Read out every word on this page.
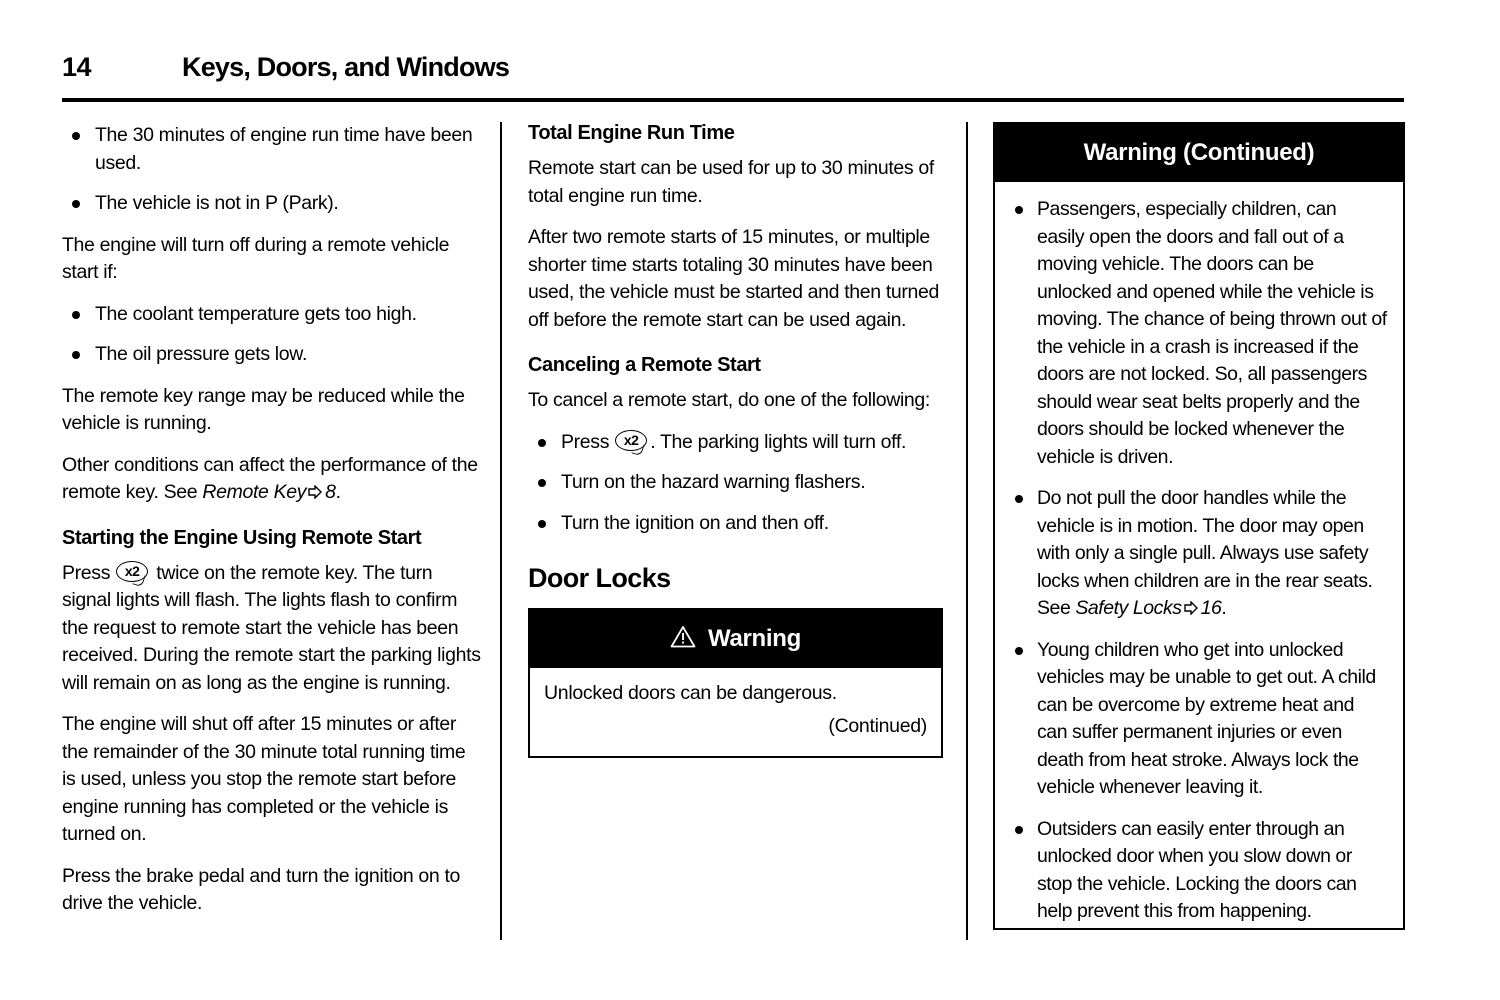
14	Keys, Doors, and Windows
The 30 minutes of engine run time have been used.
The vehicle is not in P (Park).

The engine will turn off during a remote vehicle start if:

The coolant temperature gets too high.
The oil pressure gets low.

The remote key range may be reduced while the vehicle is running.

Other conditions can affect the performance of the remote key. See Remote Key 8.

Starting the Engine Using Remote Start

Press	x2 twice on the remote key. The turn signal lights will flash. The lights flash to confirm the request to remote start the vehicle has been received. During the remote start the parking lights will remain on as long as the engine is running.

The engine will shut off after 15 minutes or after the remainder of the 30 minute total running time is used, unless you stop the remote start before engine running has completed or the vehicle is turned on.

Press the brake pedal and turn the ignition on to drive the vehicle.

Total Engine Run Time

Remote start can be used for up to 30 minutes of total engine run time.

After two remote starts of 15 minutes, or multiple shorter time starts totaling 30 minutes have been used, the vehicle must be started and then turned off before the remote start can be used again.

Canceling a Remote Start

To cancel a remote start, do one of the following:

Press	x2 . The parking lights will turn off.
Turn on the hazard warning flashers.
Turn the ignition on and then off.
Door Locks
Warning

Unlocked doors can be dangerous.

(Continued)

Warning (Continued)
Passengers, especially children, can easily open the doors and fall out of a moving vehicle. The doors can be unlocked and opened while the vehicle is moving. The chance of being thrown out of the vehicle in a crash is increased if the doors are not locked. So, all passengers should wear seat belts properly and the doors should be locked whenever the vehicle is driven.
Do not pull the door handles while the vehicle is in motion. The door may open with only a single pull. Always use safety locks when children are in the rear seats. See Safety Locks 16.
Young children who get into unlocked vehicles may be unable to get out. A child can be overcome by extreme heat and can suffer permanent injuries or even death from heat stroke. Always lock the vehicle whenever leaving it.
Outsiders can easily enter through an unlocked door when you slow down or stop the vehicle. Locking the doors can help prevent this from happening.
